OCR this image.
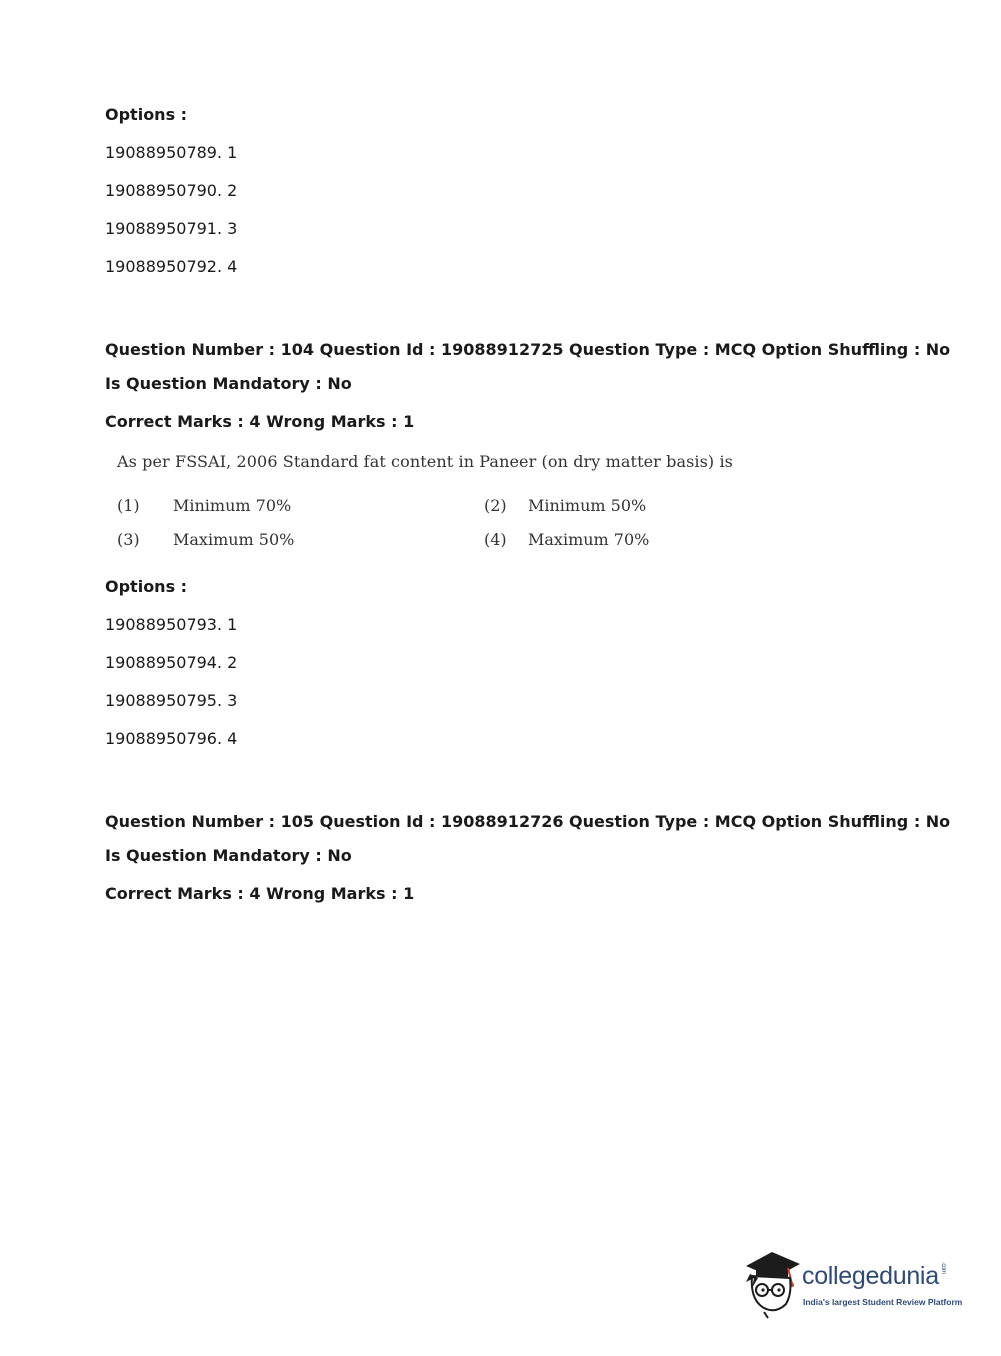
Options :
19088950789. 1
19088950790. 2
19088950791. 3
19088950792. 4
Question Number : 104 Question Id : 19088912725 Question Type : MCQ Option Shuffling : No
Is Question Mandatory : No
Correct Marks : 4 Wrong Marks : 1
As per FSSAI, 2006 Standard fat content in Paneer (on dry matter basis) is
(1) Minimum 70%	(2) Minimum 50%
(3) Maximum 50%	(4) Maximum 70%
Options :
19088950793. 1
19088950794. 2
19088950795. 3
19088950796. 4
Question Number : 105 Question Id : 19088912726 Question Type : MCQ Option Shuffling : No
Is Question Mandatory : No
Correct Marks : 4 Wrong Marks : 1
collegedunia.com
India's largest Student Review Platform
